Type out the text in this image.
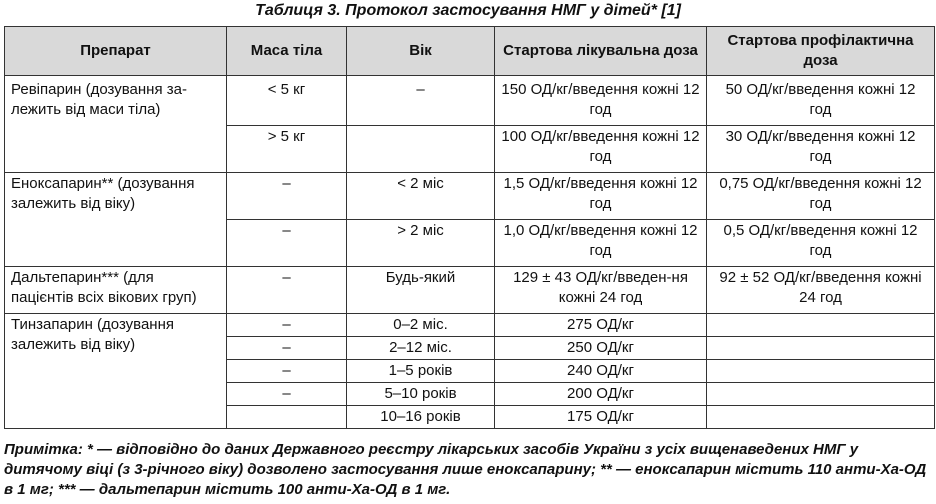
Таблиця 3. Протокол застосування НМГ у дітей* [1]
Препарат	Маса тіла	Вік	Стартова лікувальна доза	Стартова профілактична доза
Ревіпарин (дозування за-лежить від маси тіла)	< 5 кг	–	150 ОД/кг/введення кожні 12 год	50 ОД/кг/введення кожні 12 год
	> 5 кг		100 ОД/кг/введення кожні 12 год	30 ОД/кг/введення кожні 12 год
Еноксапарин** (дозування залежить від віку)	–	< 2 міс	1,5 ОД/кг/введення кожні 12 год	0,75 ОД/кг/введення кожні 12 год
	–	> 2 міс	1,0 ОД/кг/введення кожні 12 год	0,5 ОД/кг/введення кожні 12 год
Дальтепарин*** (для пацієнтів всіх вікових груп)	–	Будь-який	129 ± 43 ОД/кг/введен-ня кожні 24 год	92 ± 52 ОД/кг/введення кожні 24 год
Тинзапарин (дозування залежить від віку)	–	0–2 міс.	275 ОД/кг	
	–	2–12 міс.	250 ОД/кг	
	–	1–5 років	240 ОД/кг	
	–	5–10 років	200 ОД/кг	
		10–16 років	175 ОД/кг	
Примітка: * — відповідно до даних Державного реєстру лікарських засобів України з усіх вищенаведених НМГ у дитячому віці (з 3-річного віку) дозволено застосування лише еноксапарину; ** — еноксапарин містить 110 анти-Ха-ОД в 1 мг; *** — дальтепарин містить 100 анти-Ха-ОД в 1 мг.
